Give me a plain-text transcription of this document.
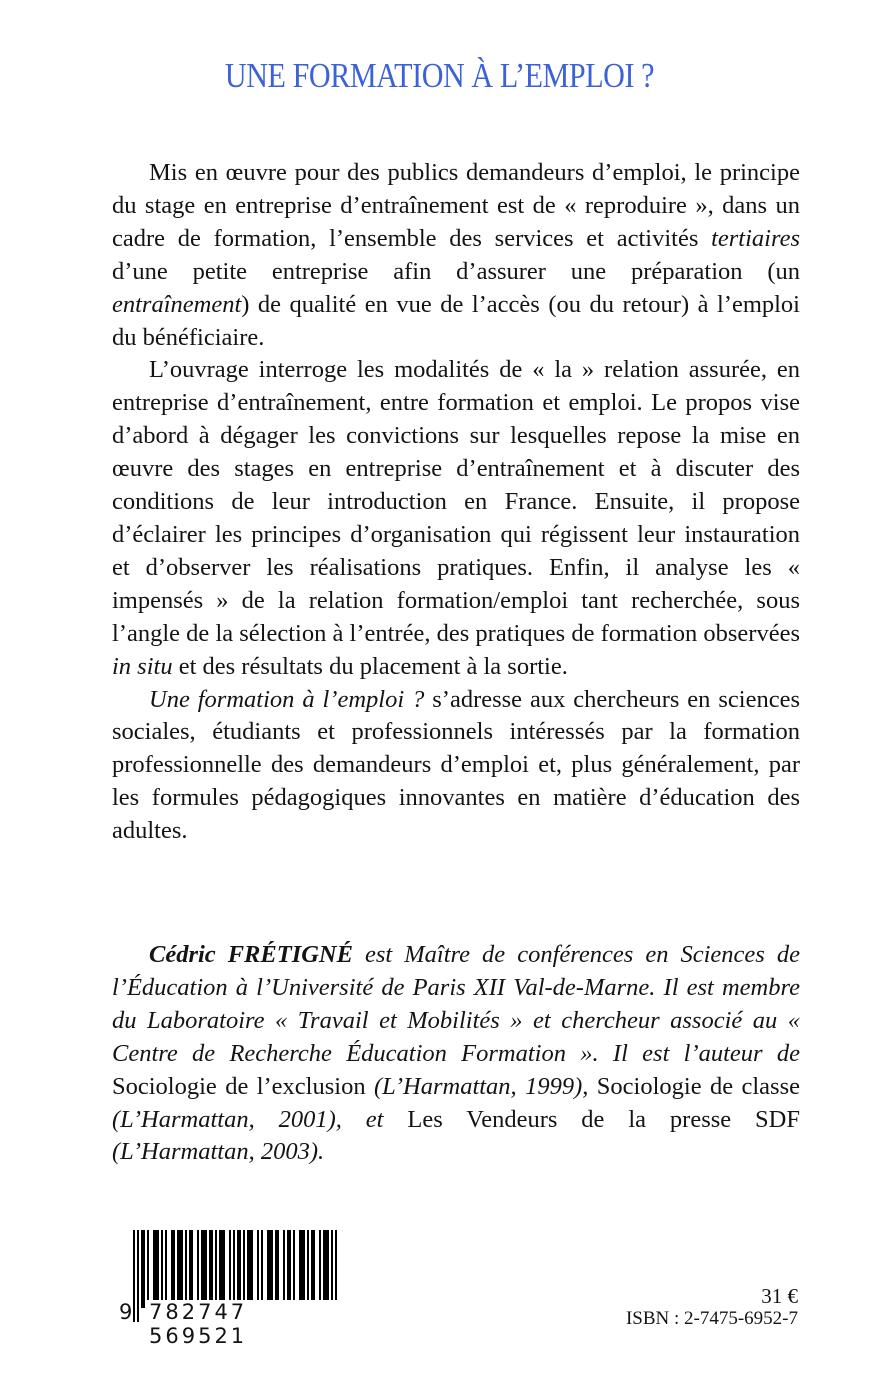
UNE FORMATION À L’EMPLOI ?

Mis en œuvre pour des publics demandeurs d’emploi, le principe du stage en entreprise d’entraînement est de « reproduire », dans un cadre de formation, l’ensemble des services et activités tertiaires d’une petite entreprise afin d’assurer une préparation (un entraînement) de qualité en vue de l’accès (ou du retour) à l’emploi du bénéficiaire.

L’ouvrage interroge les modalités de « la » relation assurée, en entreprise d’entraînement, entre formation et emploi. Le propos vise d’abord à dégager les convictions sur lesquelles repose la mise en œuvre des stages en entreprise d’entraînement et à discuter des conditions de leur introduction en France. Ensuite, il propose d’éclairer les principes d’organisation qui régissent leur instauration et d’observer les réalisations pratiques. Enfin, il analyse les « impensés » de la relation formation/emploi tant recherchée, sous l’angle de la sélection à l’entrée, des pratiques de formation observées in situ et des résultats du placement à la sortie.

Une formation à l’emploi ? s’adresse aux chercheurs en sciences sociales, étudiants et professionnels intéressés par la formation professionnelle des demandeurs d’emploi et, plus généralement, par les formules pédagogiques innovantes en matière d’éducation des adultes.

Cédric FRÉTIGNÉ est Maître de conférences en Sciences de l’Éducation à l’Université de Paris XII Val-de-Marne. Il est membre du Laboratoire « Travail et Mobilités » et chercheur associé au « Centre de Recherche Éducation Formation ». Il est l’auteur de Sociologie de l’exclusion (L’Harmattan, 1999), Sociologie de classe (L’Harmattan, 2001), et Les Vendeurs de la presse SDF (L’Harmattan, 2003).

9 782747 569521
31 €
ISBN : 2-7475-6952-7
